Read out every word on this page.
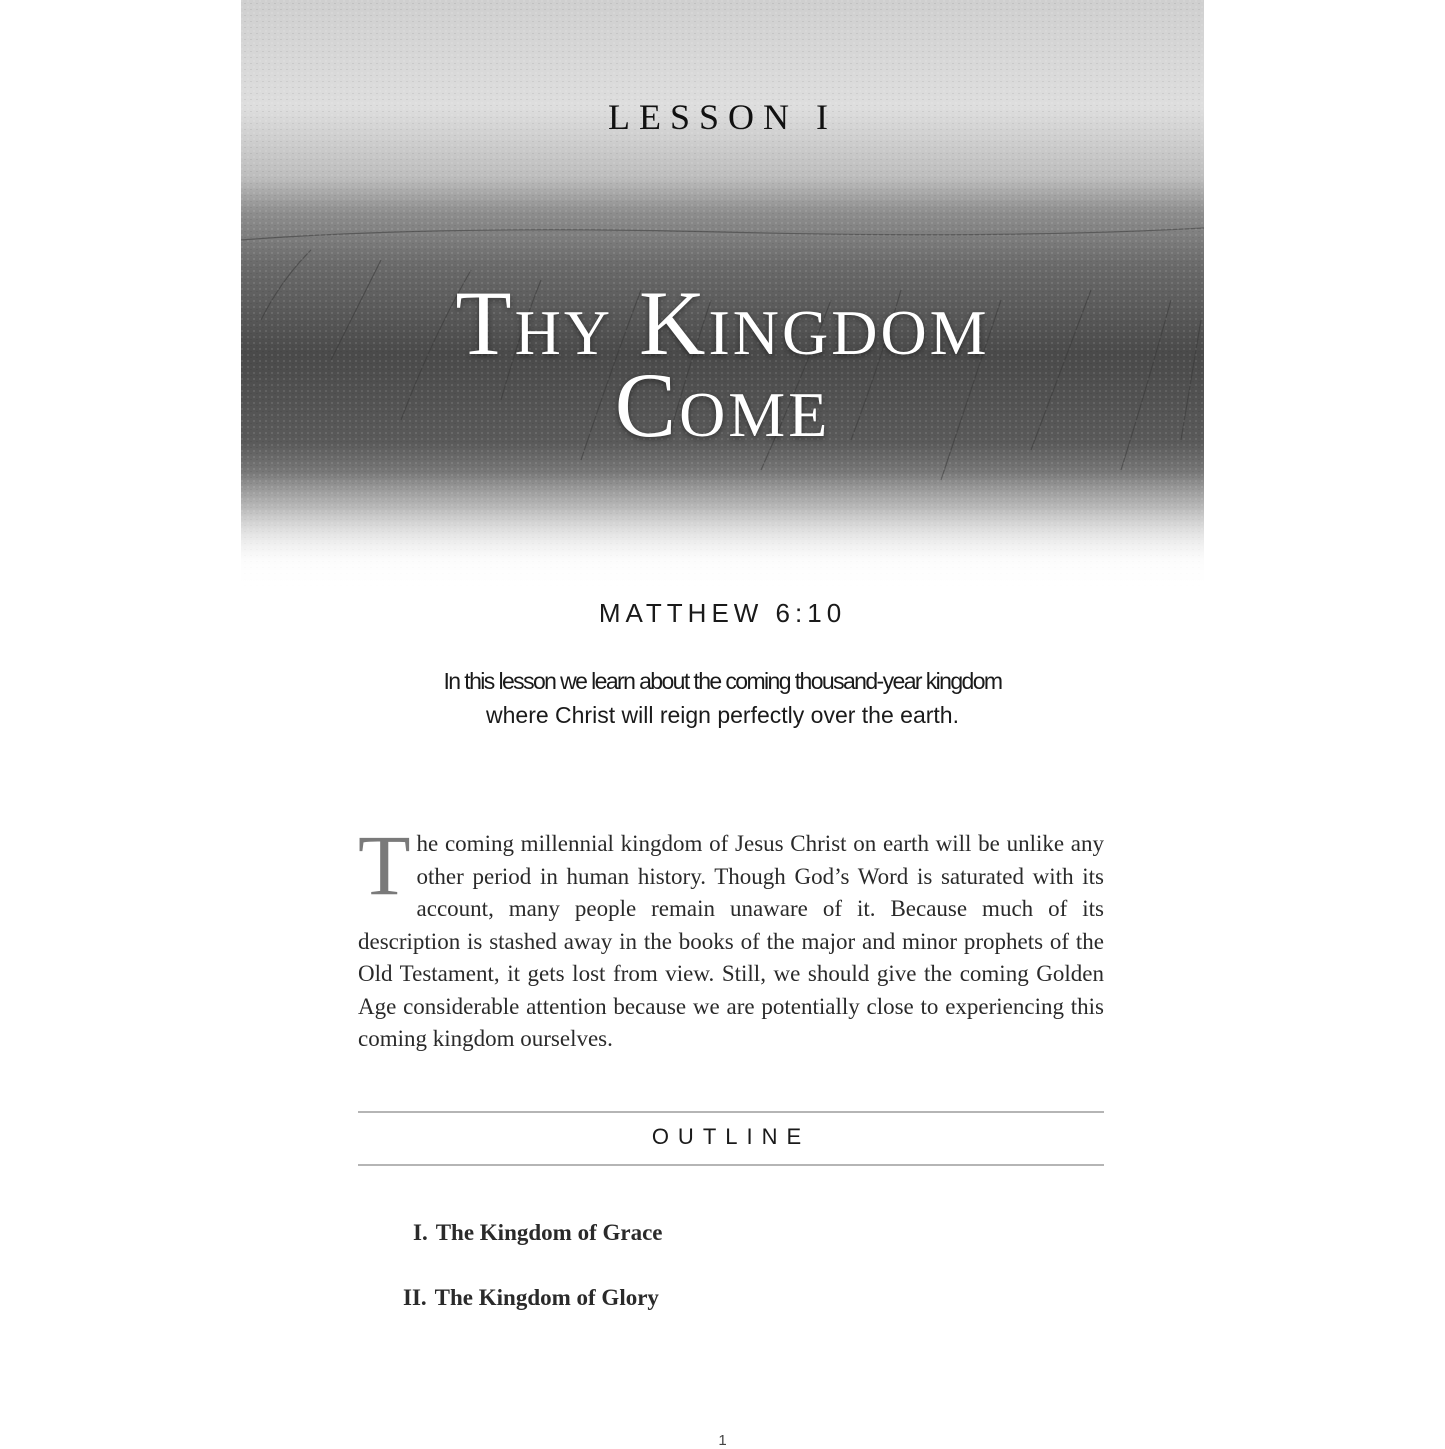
LESSON I
Thy Kingdom
Come
MATTHEW 6:10
In this lesson we learn about the coming thousand-year kingdom
where Christ will reign perfectly over the earth.
The coming millennial kingdom of Jesus Christ on earth will be unlike any other period in human history. Though God’s Word is saturated with its account, many people remain unaware of it. Because much of its description is stashed away in the books of the major and minor prophets of the Old Testament, it gets lost from view. Still, we should give the coming Golden Age considerable attention because we are potentially close to experiencing this coming kingdom ourselves.
OUTLINE
I. The Kingdom of Grace
II. The Kingdom of Glory
1
